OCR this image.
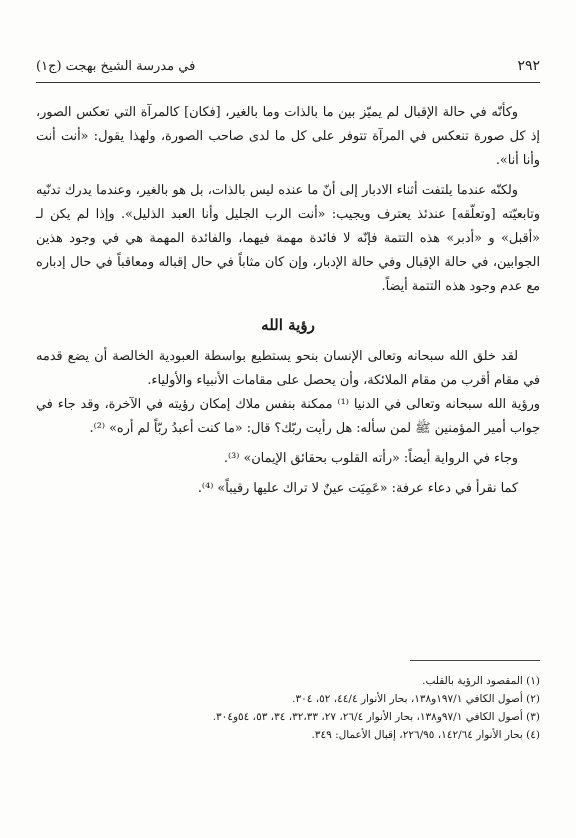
٢٩٢
في مدرسة الشيخ بهجت (ج١)

وكأنّه في حالة الإقبال لم يميّز بين ما بالذات وما بالغير، [فكان] كالمرآة التي تعكس الصور، إذ كل صورة تنعكس في المرآة تتوفر على كل ما لدى صاحب الصورة، ولهذا يقول: «أنت أنت وأنا أنا».

ولكنّه عندما يلتفت أثناء الادبار إلى أنّ ما عنده ليس بالذات، بل هو بالغير، وعندما يدرك تدنّيه وتابعيّته [وتعلّقه] عندئذ يعترف ويجيب: «أنت الرب الجليل وأنا العبد الذليل». وإذا لم يكن لـ «أقبل» و «أدبر» هذه التتمة فإنّه لا فائدة مهمة فيهما، والفائدة المهمة هي في وجود هذين الجوابين، في حالة الإقبال وفي حالة الإدبار، وإن كان مثاباً في حال إقباله ومعاقباً في حال إدباره مع عدم وجود هذه التتمة أيضاً.

رؤية الله

لقد خلق الله سبحانه وتعالى الإنسان بنحو يستطيع بواسطة العبودية الخالصة أن يضع قدمه في مقام أقرب من مقام الملائكة، وأن يحصل على مقامات الأنبياء والأولياء.

ورؤية الله سبحانه وتعالى في الدنيا ⁽¹⁾ ممكنة بنفس ملاك إمكان رؤيته في الآخرة، وقد جاء في جواب أمير المؤمنين ﷺ لمن سأله: هل رأيت ربّك؟ قال: «ما كنت أعبدُ ربّاً لم أره» ⁽²⁾.

وجاء في الرواية أيضاً: «رأته القلوب بحقائق الإيمان» ⁽³⁾.

كما نقرأ في دعاء عرفة: «عَمِيَت عينٌ لا تراك عليها رقيباً» ⁽⁴⁾.

(١) المقصود الرؤية بالقلب.
(٢) أصول الكافي ١٩٧/١و١٣٨، بحار الأنوار ٤٤/٤، ٥٢، ٣٠٤.
(٣) أصول الكافي ٩٧/١و١٣٨، بحار الأنوار ٢٦/٤، ٢٧، ٣٢،٣٣، ٣٤، ٥٣، ٥٤و٣٠٤.
(٤) بحار الأنوار ١٤٢/٦٤، ٢٢٦/٩٥، إقبال الأعمال: ٣٤٩.
